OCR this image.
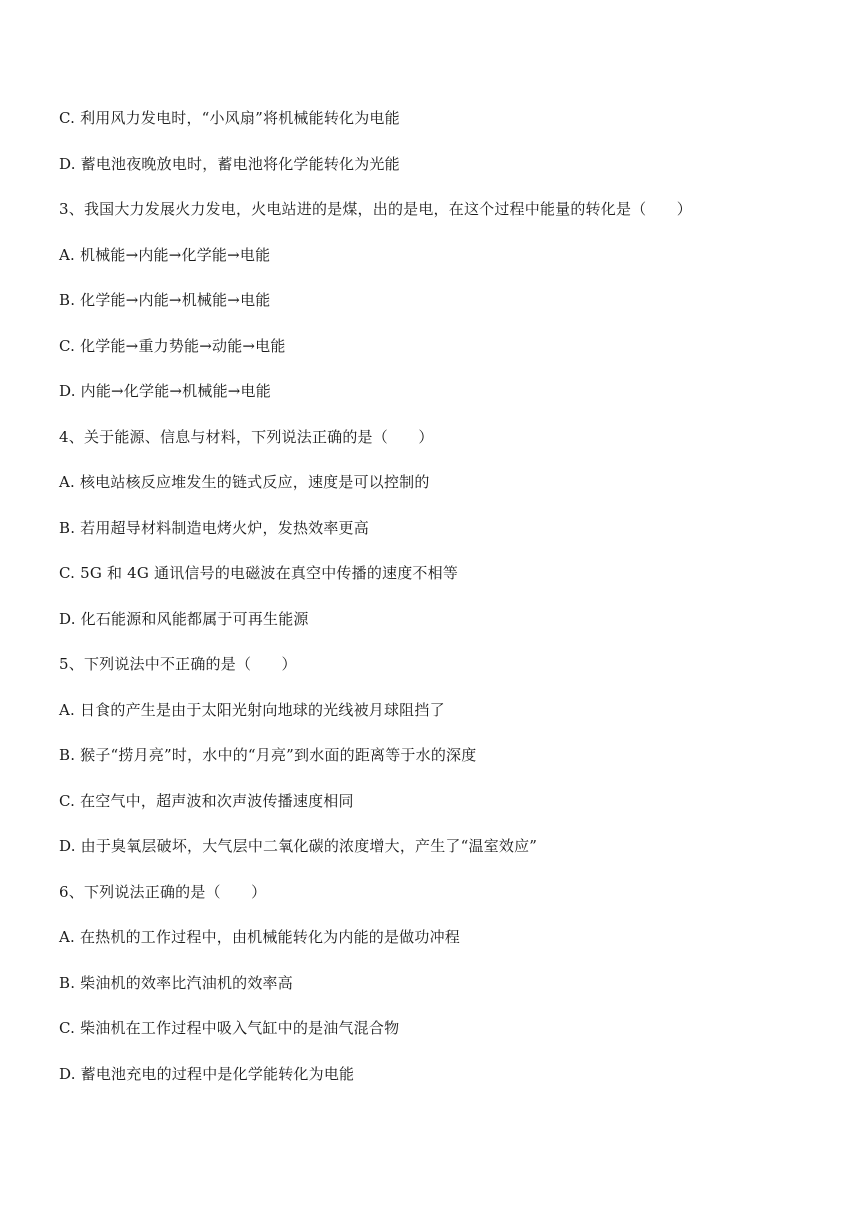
C. 利用风力发电时，“小风扇”将机械能转化为电能
D. 蓄电池夜晚放电时，蓄电池将化学能转化为光能
3、我国大力发展火力发电，火电站进的是煤，出的是电，在这个过程中能量的转化是（　　）
A. 机械能→内能→化学能→电能
B. 化学能→内能→机械能→电能
C. 化学能→重力势能→动能→电能
D. 内能→化学能→机械能→电能
4、关于能源、信息与材料，下列说法正确的是（　　）
A. 核电站核反应堆发生的链式反应，速度是可以控制的
B. 若用超导材料制造电烤火炉，发热效率更高
C. 5G 和 4G 通讯信号的电磁波在真空中传播的速度不相等
D. 化石能源和风能都属于可再生能源
5、下列说法中不正确的是（　　）
A. 日食的产生是由于太阳光射向地球的光线被月球阻挡了
B. 猴子“捞月亮”时，水中的“月亮”到水面的距离等于水的深度
C. 在空气中，超声波和次声波传播速度相同
D. 由于臭氧层破坏，大气层中二氧化碳的浓度增大，产生了“温室效应”
6、下列说法正确的是（　　）
A. 在热机的工作过程中，由机械能转化为内能的是做功冲程
B. 柴油机的效率比汽油机的效率高
C. 柴油机在工作过程中吸入气缸中的是油气混合物
D. 蓄电池充电的过程中是化学能转化为电能
